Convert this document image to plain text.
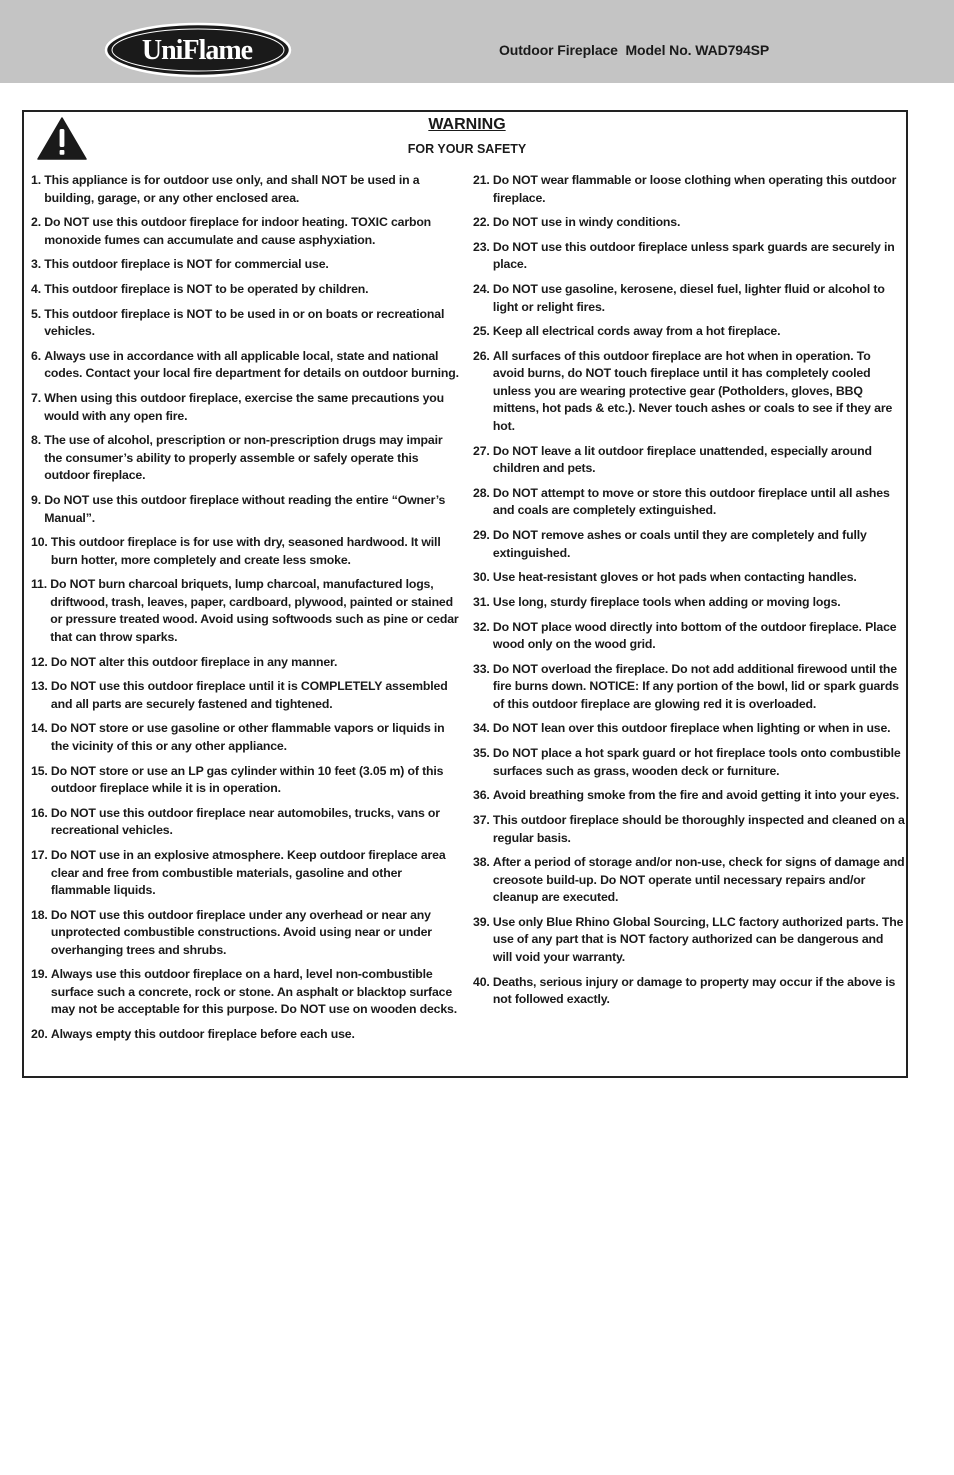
UniFlame	Outdoor Fireplace  Model No. WAD794SP
WARNING
FOR YOUR SAFETY
1. This appliance is for outdoor use only, and shall NOT be used in a building, garage, or any other enclosed area.
2. Do NOT use this outdoor fireplace for indoor heating. TOXIC carbon monoxide fumes can accumulate and cause asphyxiation.
3. This outdoor fireplace is NOT for commercial use.
4. This outdoor fireplace is NOT to be operated by children.
5. This outdoor fireplace is NOT to be used in or on boats or recreational vehicles.
6. Always use in accordance with all applicable local, state and national codes. Contact your local fire department for details on outdoor burning.
7. When using this outdoor fireplace, exercise the same precautions you would with any open fire.
8. The use of alcohol, prescription or non-prescription drugs may impair the consumer’s ability to properly assemble or safely operate this outdoor fireplace.
9. Do NOT use this outdoor fireplace without reading the entire “Owner’s Manual”.
10. This outdoor fireplace is for use with dry, seasoned hardwood. It will burn hotter, more completely and create less smoke.
11. Do NOT burn charcoal briquets, lump charcoal, manufactured logs, driftwood, trash, leaves, paper, cardboard, plywood, painted or stained or pressure treated wood. Avoid using softwoods such as pine or cedar that can throw sparks.
12. Do NOT alter this outdoor fireplace in any manner.
13. Do NOT use this outdoor fireplace until it is COMPLETELY assembled and all parts are securely fastened and tightened.
14. Do NOT store or use gasoline or other flammable vapors or liquids in the vicinity of this or any other appliance.
15. Do NOT store or use an LP gas cylinder within 10 feet (3.05 m) of this outdoor fireplace while it is in operation.
16. Do NOT use this outdoor fireplace near automobiles, trucks, vans or recreational vehicles.
17. Do NOT use in an explosive atmosphere. Keep outdoor fireplace area clear and free from combustible materials, gasoline and other flammable liquids.
18. Do NOT use this outdoor fireplace under any overhead or near any unprotected combustible constructions. Avoid using near or under overhanging trees and shrubs.
19. Always use this outdoor fireplace on a hard, level non-combustible surface such a concrete, rock or stone. An asphalt or blacktop surface may not be acceptable for this purpose. Do NOT use on wooden decks.
20. Always empty this outdoor fireplace before each use.
21. Do NOT wear flammable or loose clothing when operating this outdoor fireplace.
22. Do NOT use in windy conditions.
23. Do NOT use this outdoor fireplace unless spark guards are securely in place.
24. Do NOT use gasoline, kerosene, diesel fuel, lighter fluid or alcohol to light or relight fires.
25. Keep all electrical cords away from a hot fireplace.
26. All surfaces of this outdoor fireplace are hot when in operation. To avoid burns, do NOT touch fireplace until it has completely cooled unless you are wearing protective gear (Potholders, gloves, BBQ mittens, hot pads & etc.). Never touch ashes or coals to see if they are hot.
27. Do NOT leave a lit outdoor fireplace unattended, especially around children and pets.
28. Do NOT attempt to move or store this outdoor fireplace until all ashes and coals are completely extinguished.
29. Do NOT remove ashes or coals until they are completely and fully extinguished.
30. Use heat-resistant gloves or hot pads when contacting handles.
31. Use long, sturdy fireplace tools when adding or moving logs.
32. Do NOT place wood directly into bottom of the outdoor fireplace. Place wood only on the wood grid.
33. Do NOT overload the fireplace. Do not add additional firewood until the fire burns down. NOTICE: If any portion of the bowl, lid or spark guards of this outdoor fireplace are glowing red it is overloaded.
34. Do NOT lean over this outdoor fireplace when lighting or when in use.
35. Do NOT place a hot spark guard or hot fireplace tools onto combustible surfaces such as grass, wooden deck or furniture.
36. Avoid breathing smoke from the fire and avoid getting it into your eyes.
37. This outdoor fireplace should be thoroughly inspected and cleaned on a regular basis.
38. After a period of storage and/or non-use, check for signs of damage and creosote build-up. Do NOT operate until necessary repairs and/or cleanup are executed.
39. Use only Blue Rhino Global Sourcing, LLC factory authorized parts. The use of any part that is NOT factory authorized can be dangerous and will void your warranty.
40. Deaths, serious injury or damage to property may occur if the above is not followed exactly.
